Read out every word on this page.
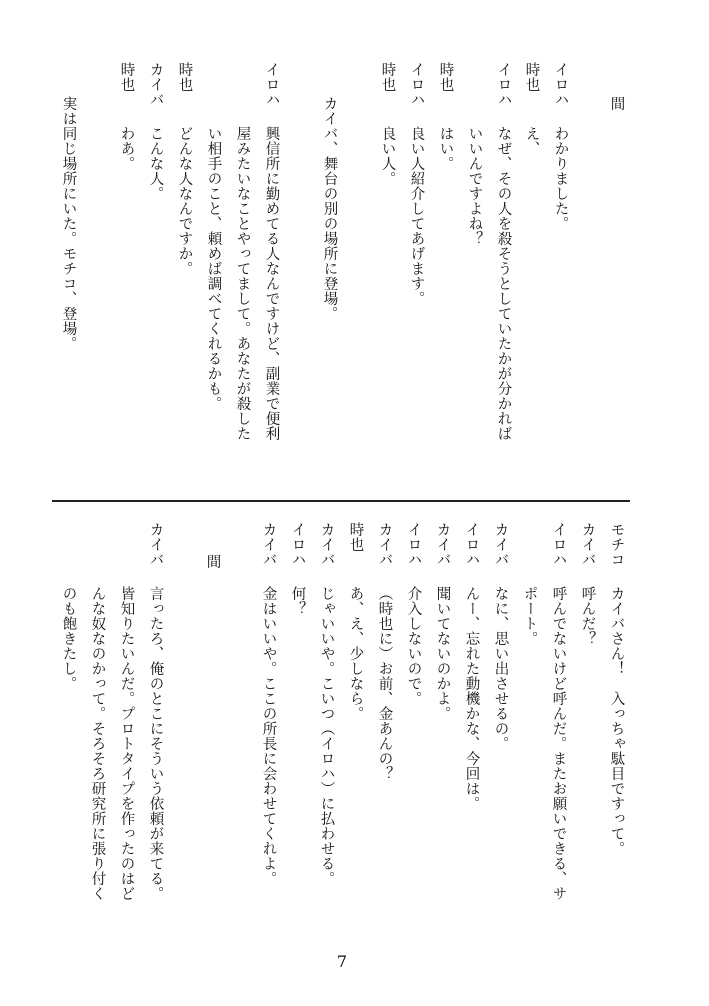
間
イロハ
わかりました。
時也
え、
イロハ
なぜ、その人を殺そうとしていたかが分かれば
いいんですよね？
時也
はい。
イロハ
良い人紹介してあげます。
時也
良い人。
カイバ、舞台の別の場所に登場。
イロハ
興信所に勤めてる人なんですけど、副業で便利
屋みたいなことやってまして。あなたが殺した
い相手のこと、頼めば調べてくれるかも。
時也
どんな人なんですか。
カイバ
こんな人。
時也
わあ。
実は同じ場所にいた。モチコ、登場。
モチコ
カイバさん！　入っちゃ駄目ですって。
カイバ
呼んだ？
イロハ
呼んでないけど呼んだ。またお願いできる、サ
ポート。
カイバ
なに、思い出させるの。
イロハ
んー、忘れた動機かな、今回は。
カイバ
聞いてないのかよ。
イロハ
介入しないので。
カイバ
（時也に）お前、金あんの？
時也
あ、え、少しなら。
カイバ
じゃいいや。こいつ（イロハ）に払わせる。
イロハ
何？
カイバ
金はいいや。ここの所長に会わせてくれよ。
間
カイバ
言ったろ、俺のとこにそういう依頼が来てる。
皆知りたいんだ。プロトタイプを作ったのはど
んな奴なのかって。そろそろ研究所に張り付く
のも飽きたし。
7
